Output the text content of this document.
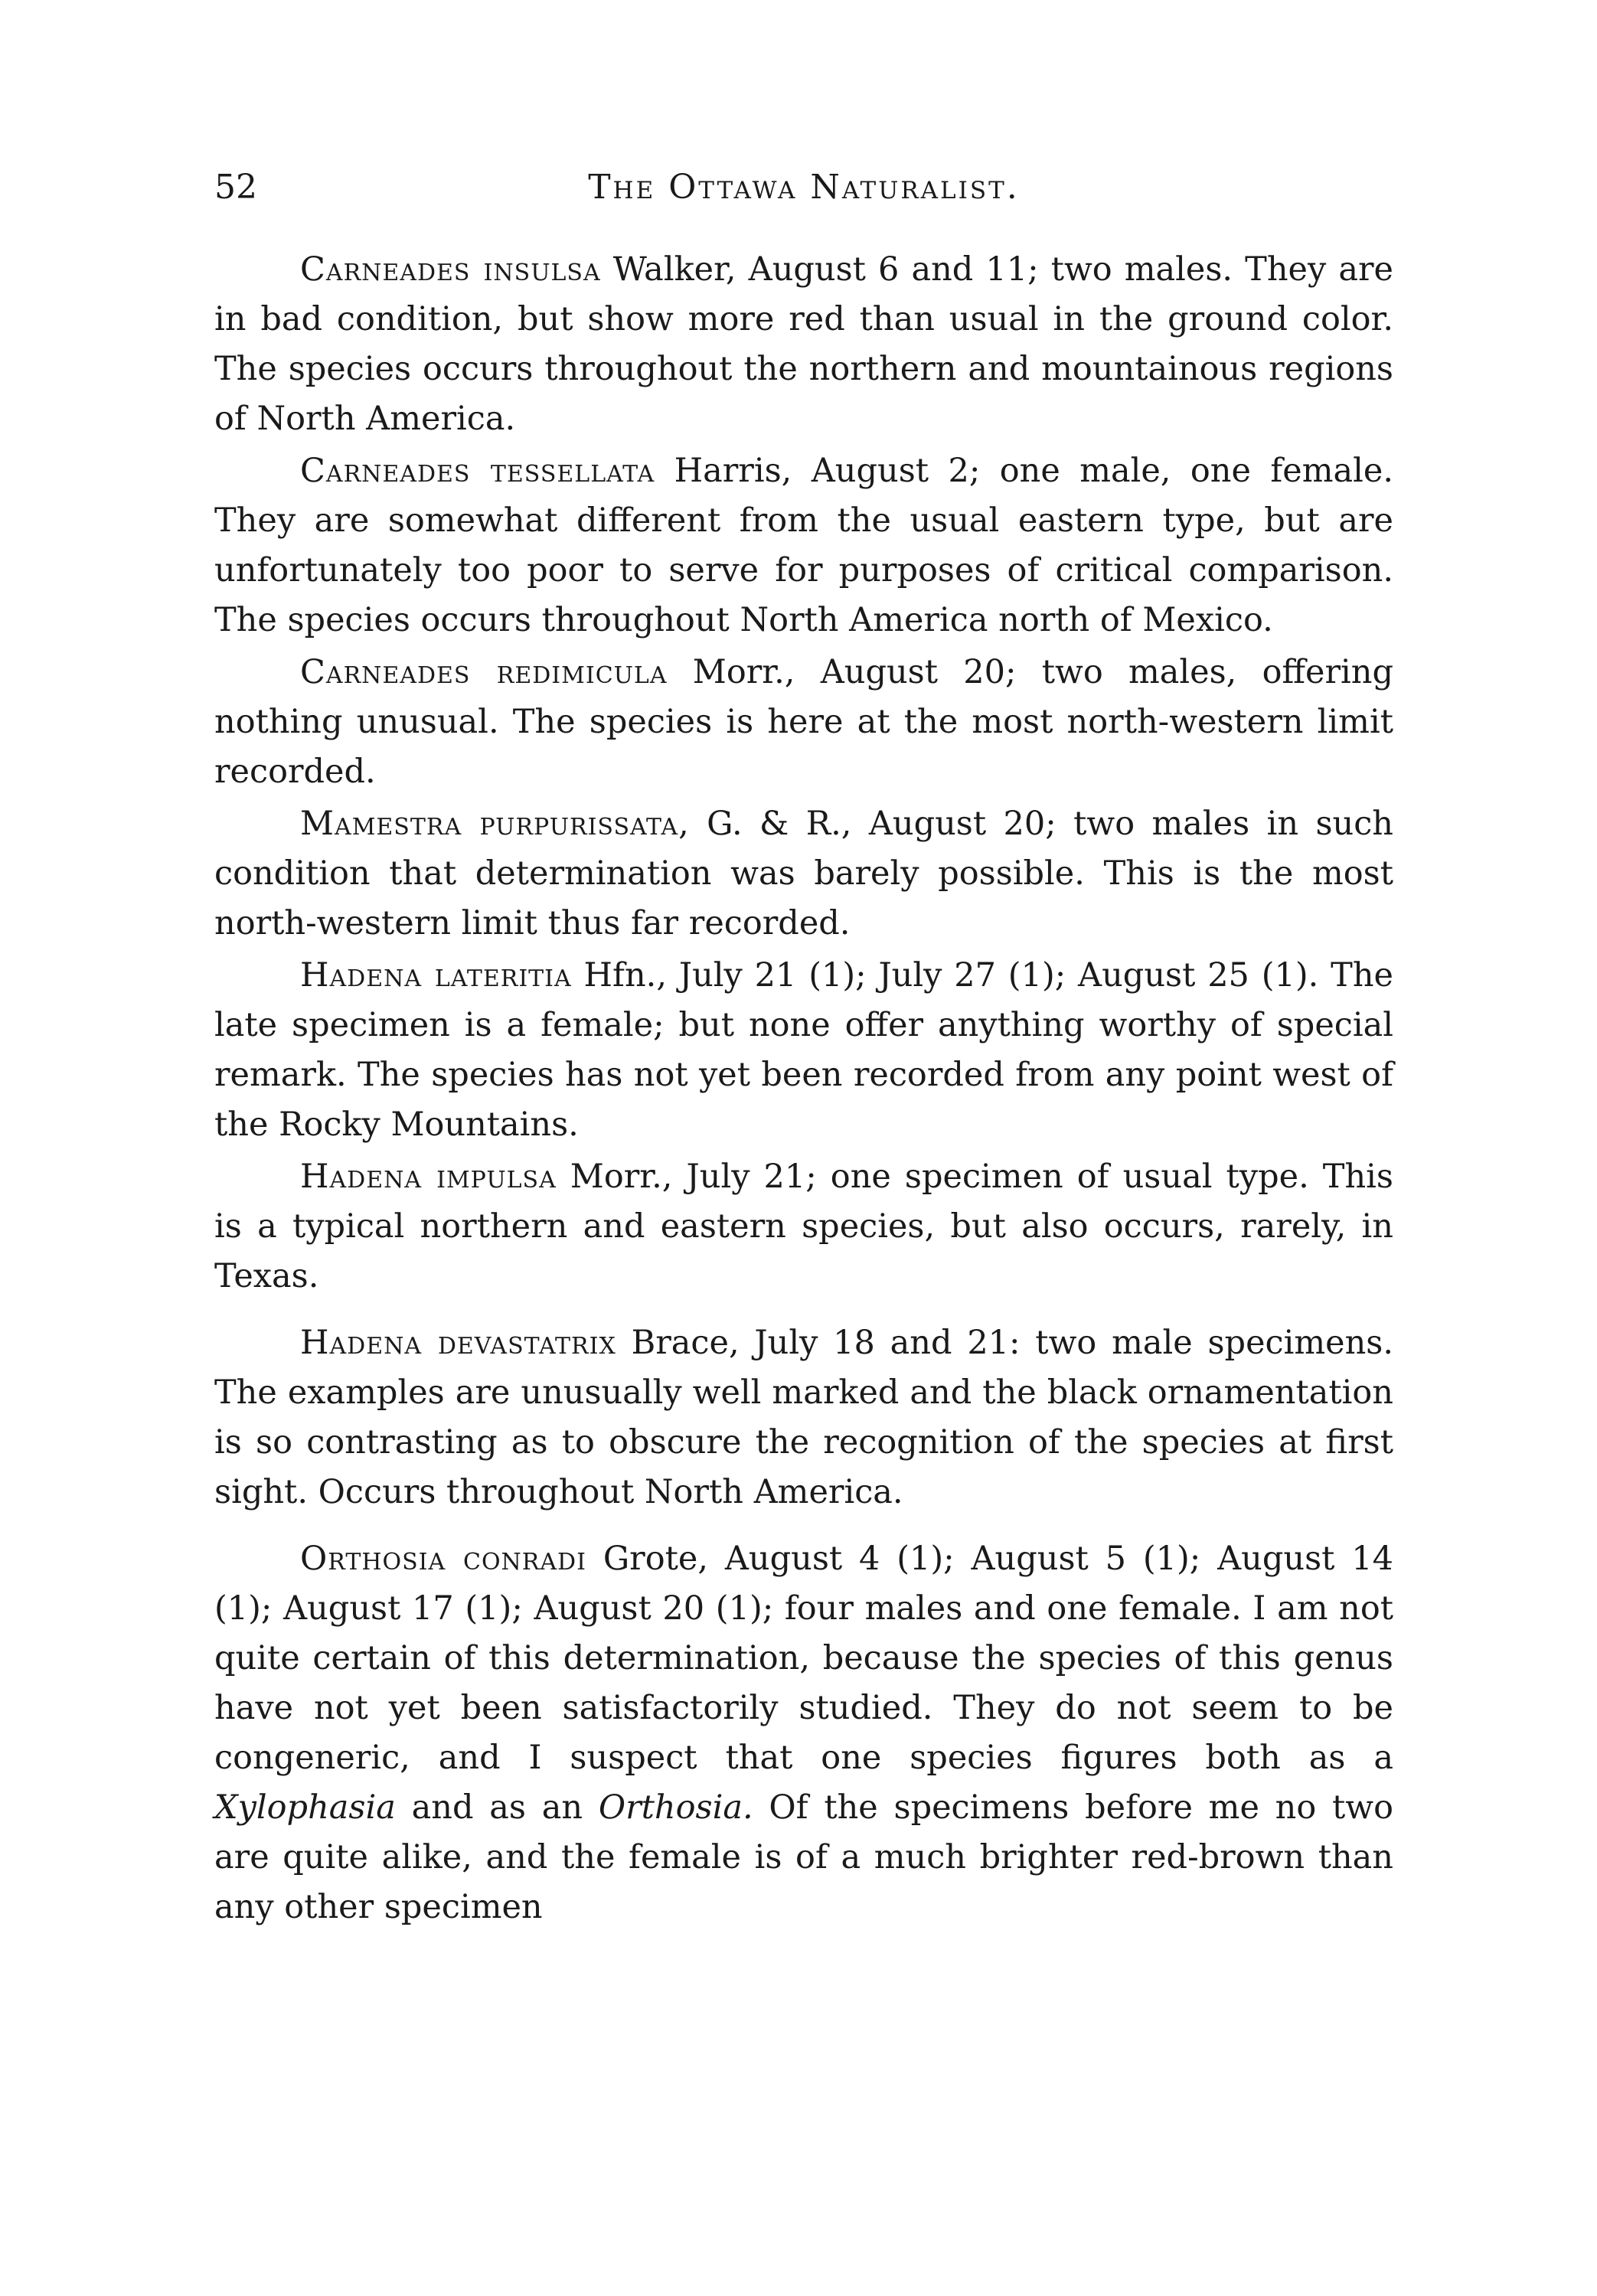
The Ottawa Naturalist.
52

Carneades insulsa Walker, August 6 and 11; two males. They are in bad condition, but show more red than usual in the ground color. The species occurs throughout the northern and mountainous regions of North America.

Carneades tessellata Harris, August 2; one male, one female. They are somewhat different from the usual eastern type, but are unfortunately too poor to serve for purposes of critical comparison. The species occurs throughout North America north of Mexico.

Carneades redimicula Morr., August 20; two males, offering nothing unusual. The species is here at the most north-western limit recorded.

Mamestra purpurissata, G. & R., August 20; two males in such condition that determination was barely possible. This is the most north-western limit thus far recorded.

Hadena lateritia Hfn., July 21 (1); July 27 (1); August 25 (1). The late specimen is a female; but none offer anything worthy of special remark. The species has not yet been recorded from any point west of the Rocky Mountains.

Hadena impulsa Morr., July 21; one specimen of usual type. This is a typical northern and eastern species, but also occurs, rarely, in Texas.

Hadena devastatrix Brace, July 18 and 21: two male specimens. The examples are unusually well marked and the black ornamentation is so contrasting as to obscure the recognition of the species at first sight. Occurs throughout North America.

Orthosia conradi Grote, August 4 (1); August 5 (1); August 14 (1); August 17 (1); August 20 (1); four males and one female. I am not quite certain of this determination, because the species of this genus have not yet been satisfactorily studied. They do not seem to be congeneric, and I suspect that one species figures both as a Xylophasia and as an Orthosia. Of the specimens before me no two are quite alike, and the female is of a much brighter red-brown than any other specimen
